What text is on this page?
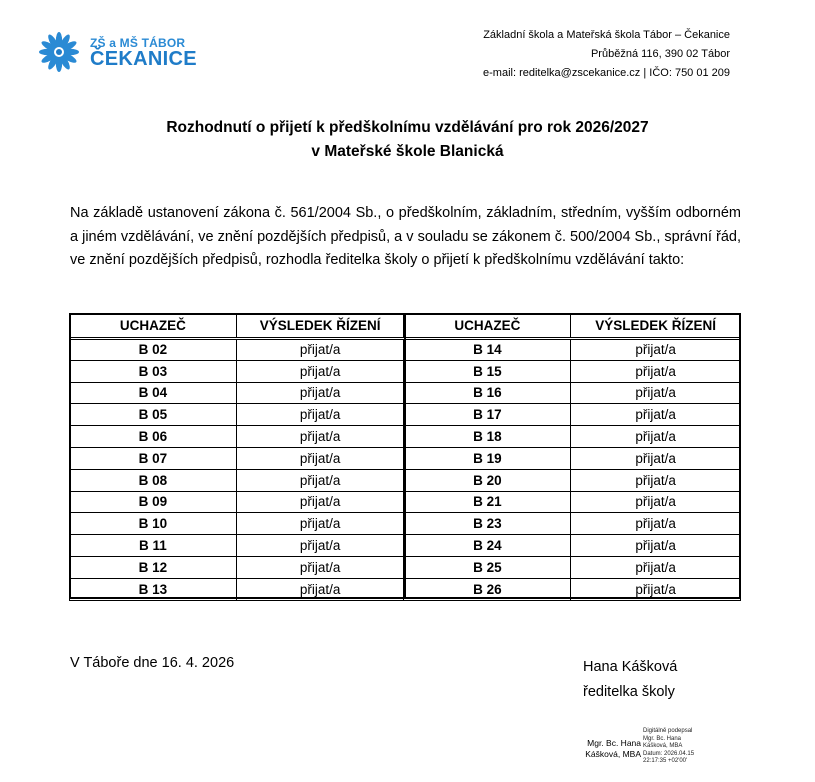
ZŠ a MŠ TÁBOR
ČEKANICE
Základní škola a Mateřská škola Tábor – Čekanice
Průběžná 116, 390 02 Tábor
e-mail: reditelka@zscekanice.cz | IČO: 750 01 209
Rozhodnutí o přijetí k předškolnímu vzdělávání pro rok 2026/2027
v Mateřské škole Blanická

Na základě ustanovení zákona č. 561/2004 Sb., o předškolním, základním, středním, vyšším odborném a jiném vzdělávání, ve znění pozdějších předpisů, a v souladu se zákonem č. 500/2004 Sb., správní řád, ve znění pozdějších předpisů, rozhodla ředitelka školy o přijetí k předškolnímu vzdělávání takto:

UCHAZEČ	VÝSLEDEK ŘÍZENÍ	UCHAZEČ	VÝSLEDEK ŘÍZENÍ
B 02	přijat/a	B 14	přijat/a
B 03	přijat/a	B 15	přijat/a
B 04	přijat/a	B 16	přijat/a
B 05	přijat/a	B 17	přijat/a
B 06	přijat/a	B 18	přijat/a
B 07	přijat/a	B 19	přijat/a
B 08	přijat/a	B 20	přijat/a
B 09	přijat/a	B 21	přijat/a
B 10	přijat/a	B 23	přijat/a
B 11	přijat/a	B 24	přijat/a
B 12	přijat/a	B 25	přijat/a
B 13	přijat/a	B 26	přijat/a
V Táboře dne 16. 4. 2026	Hana Kášková
ředitelka školy
Mgr. Bc. Hana
Kášková, MBA
Digitálně podepsal
Mgr. Bc. Hana
Kášková, MBA
Datum: 2026.04.15
22:17:35 +02'00'
